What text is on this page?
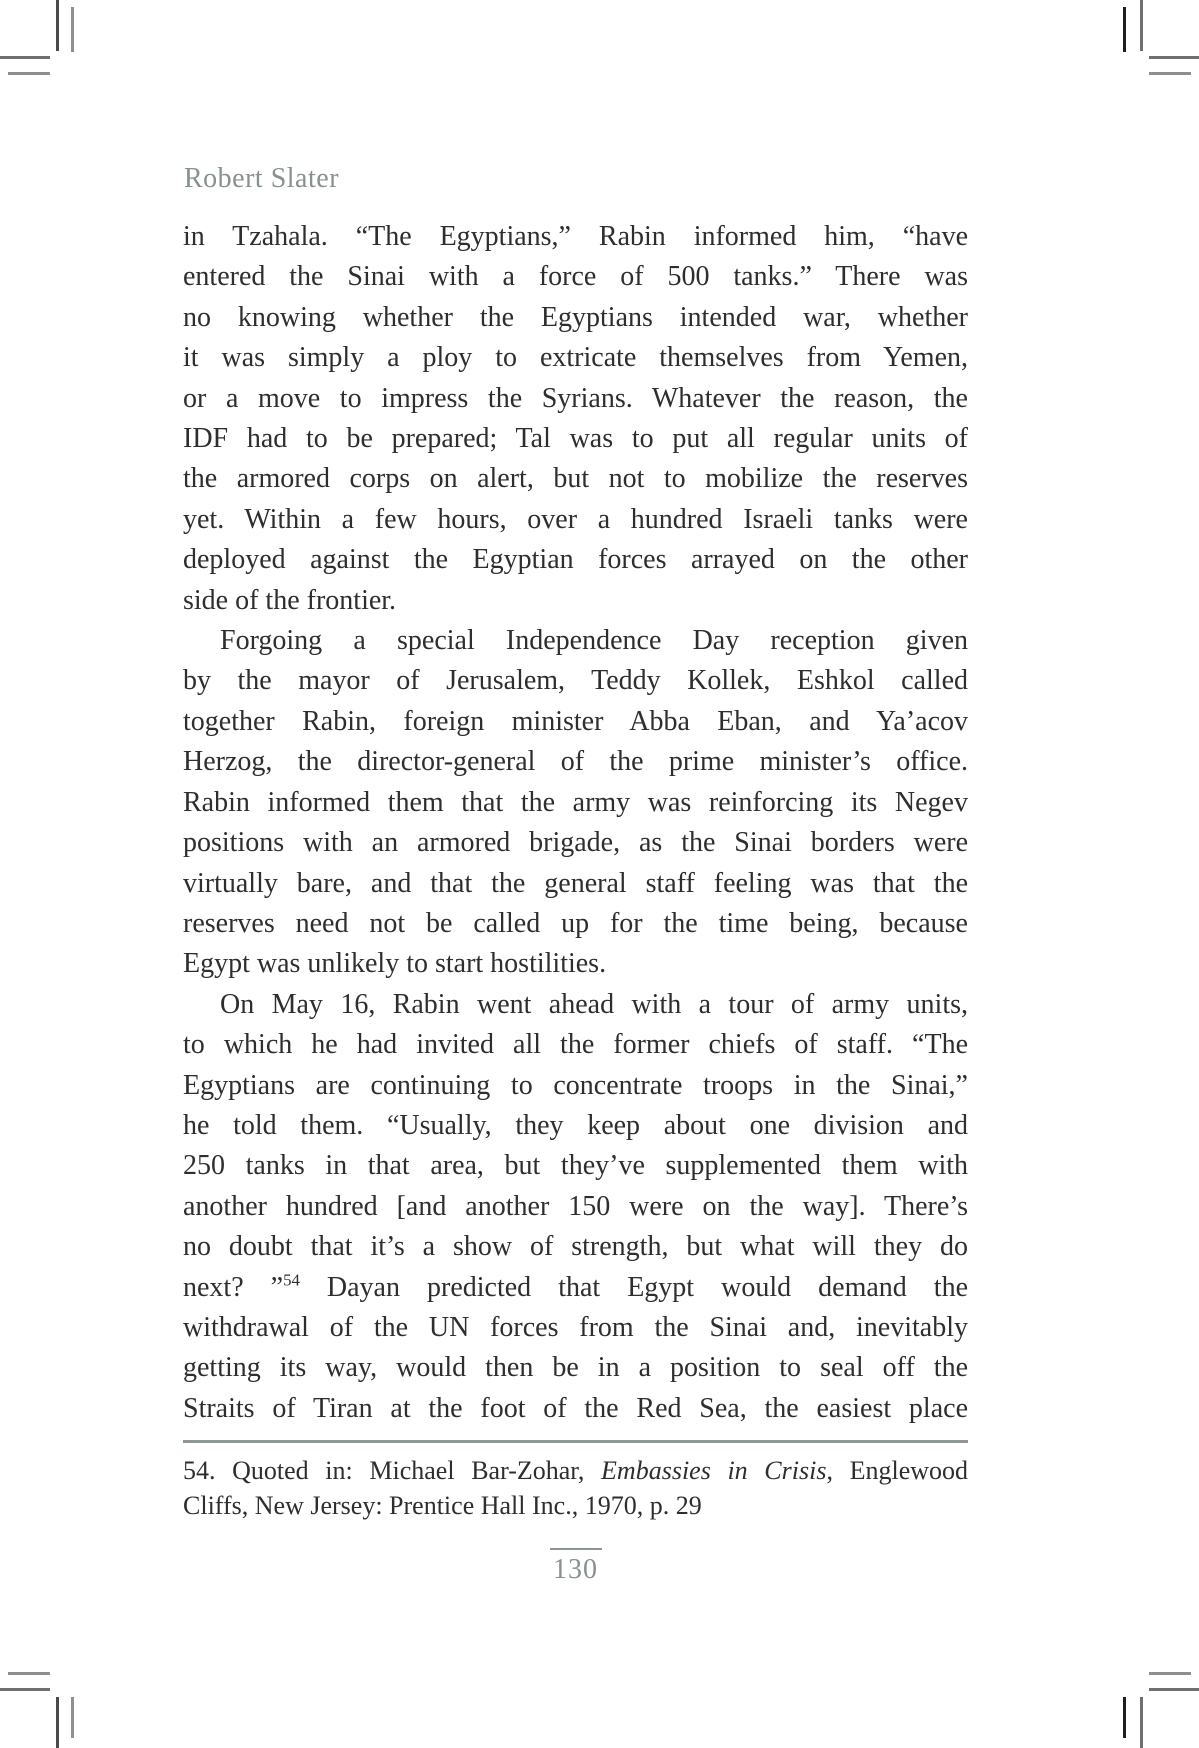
Robert Slater
in Tzahala. “The Egyptians,” Rabin informed him, “have
entered the Sinai with a force of 500 tanks.” There was
no knowing whether the Egyptians intended war, whether
it was simply a ploy to extricate themselves from Yemen,
or a move to impress the Syrians. Whatever the reason, the
IDF had to be prepared; Tal was to put all regular units of
the armored corps on alert, but not to mobilize the reserves
yet. Within a few hours, over a hundred Israeli tanks were
deployed against the Egyptian forces arrayed on the other
side of the frontier.
Forgoing a special Independence Day reception given
by the mayor of Jerusalem, Teddy Kollek, Eshkol called
together Rabin, foreign minister Abba Eban, and Ya’acov
Herzog, the director-general of the prime minister’s office.
Rabin informed them that the army was reinforcing its Negev
positions with an armored brigade, as the Sinai borders were
virtually bare, and that the general staff feeling was that the
reserves need not be called up for the time being, because
Egypt was unlikely to start hostilities.
On May 16, Rabin went ahead with a tour of army units,
to which he had invited all the former chiefs of staff. “The
Egyptians are continuing to concentrate troops in the Sinai,”
he told them. “Usually, they keep about one division and
250 tanks in that area, but they’ve supplemented them with
another hundred [and another 150 were on the way]. There’s
no doubt that it’s a show of strength, but what will they do
next? ”$^{54}$ Dayan predicted that Egypt would demand the
withdrawal of the UN forces from the Sinai and, inevitably
getting its way, would then be in a position to seal off the
Straits of Tiran at the foot of the Red Sea, the easiest place
54. Quoted in: Michael Bar-Zohar, Embassies in Crisis, Englewood
Cliffs, New Jersey: Prentice Hall Inc., 1970, p. 29
130
